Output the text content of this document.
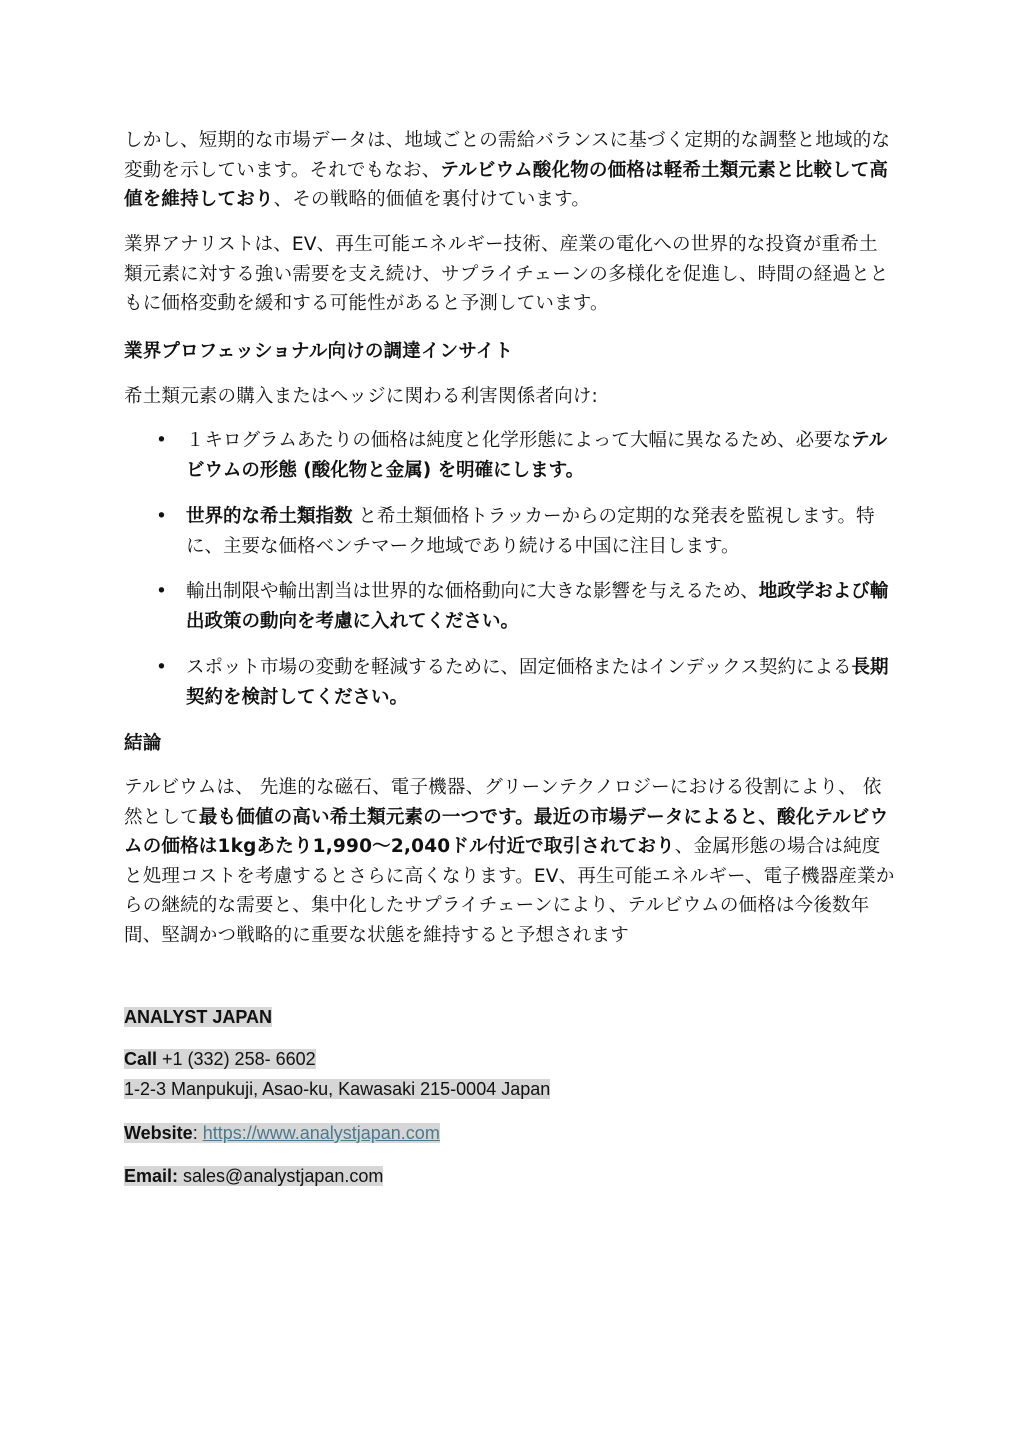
しかし、短期的な市場データは、地域ごとの需給バランスに基づく定期的な調整と地域的な変動を示しています。それでもなお、テルビウム酸化物の価格は軽希土類元素と比較して高値を維持しており、その戦略的価値を裏付けています。
業界アナリストは、EV、再生可能エネルギー技術、産業の電化への世界的な投資が重希土類元素に対する強い需要を支え続け、サプライチェーンの多様化を促進し、時間の経過とともに価格変動を緩和する可能性があると予測しています。
業界プロフェッショナル向けの調達インサイト
希土類元素の購入またはヘッジに関わる利害関係者向け:
• １キログラムあたりの価格は純度と化学形態によって大幅に異なるため、必要なテルビウムの形態 (酸化物と金属) を明確にします。
• 世界的な希土類指数 と希土類価格トラッカーからの定期的な発表を監視します。特に、主要な価格ベンチマーク地域であり続ける中国に注目します。
• 輸出制限や輸出割当は世界的な価格動向に大きな影響を与えるため、地政学および輸出政策の動向を考慮に入れてください。
• スポット市場の変動を軽減するために、固定価格またはインデックス契約による長期契約を検討してください。
結論
テルビウムは、 先進的な磁石、電子機器、グリーンテクノロジーにおける役割により、 依然として最も価値の高い希土類元素の一つです。最近の市場データによると、酸化テルビウムの価格は1kgあたり1,990～2,040ドル付近で取引されており、金属形態の場合は純度と処理コストを考慮するとさらに高くなります。EV、再生可能エネルギー、電子機器産業からの継続的な需要と、集中化したサプライチェーンにより、テルビウムの価格は今後数年間、堅調かつ戦略的に重要な状態を維持すると予想されます
ANALYST JAPAN
Call +1 (332) 258- 6602
1-2-3 Manpukuji, Asao-ku, Kawasaki 215-0004 Japan
Website: https://www.analystjapan.com
Email: sales@analystjapan.com
